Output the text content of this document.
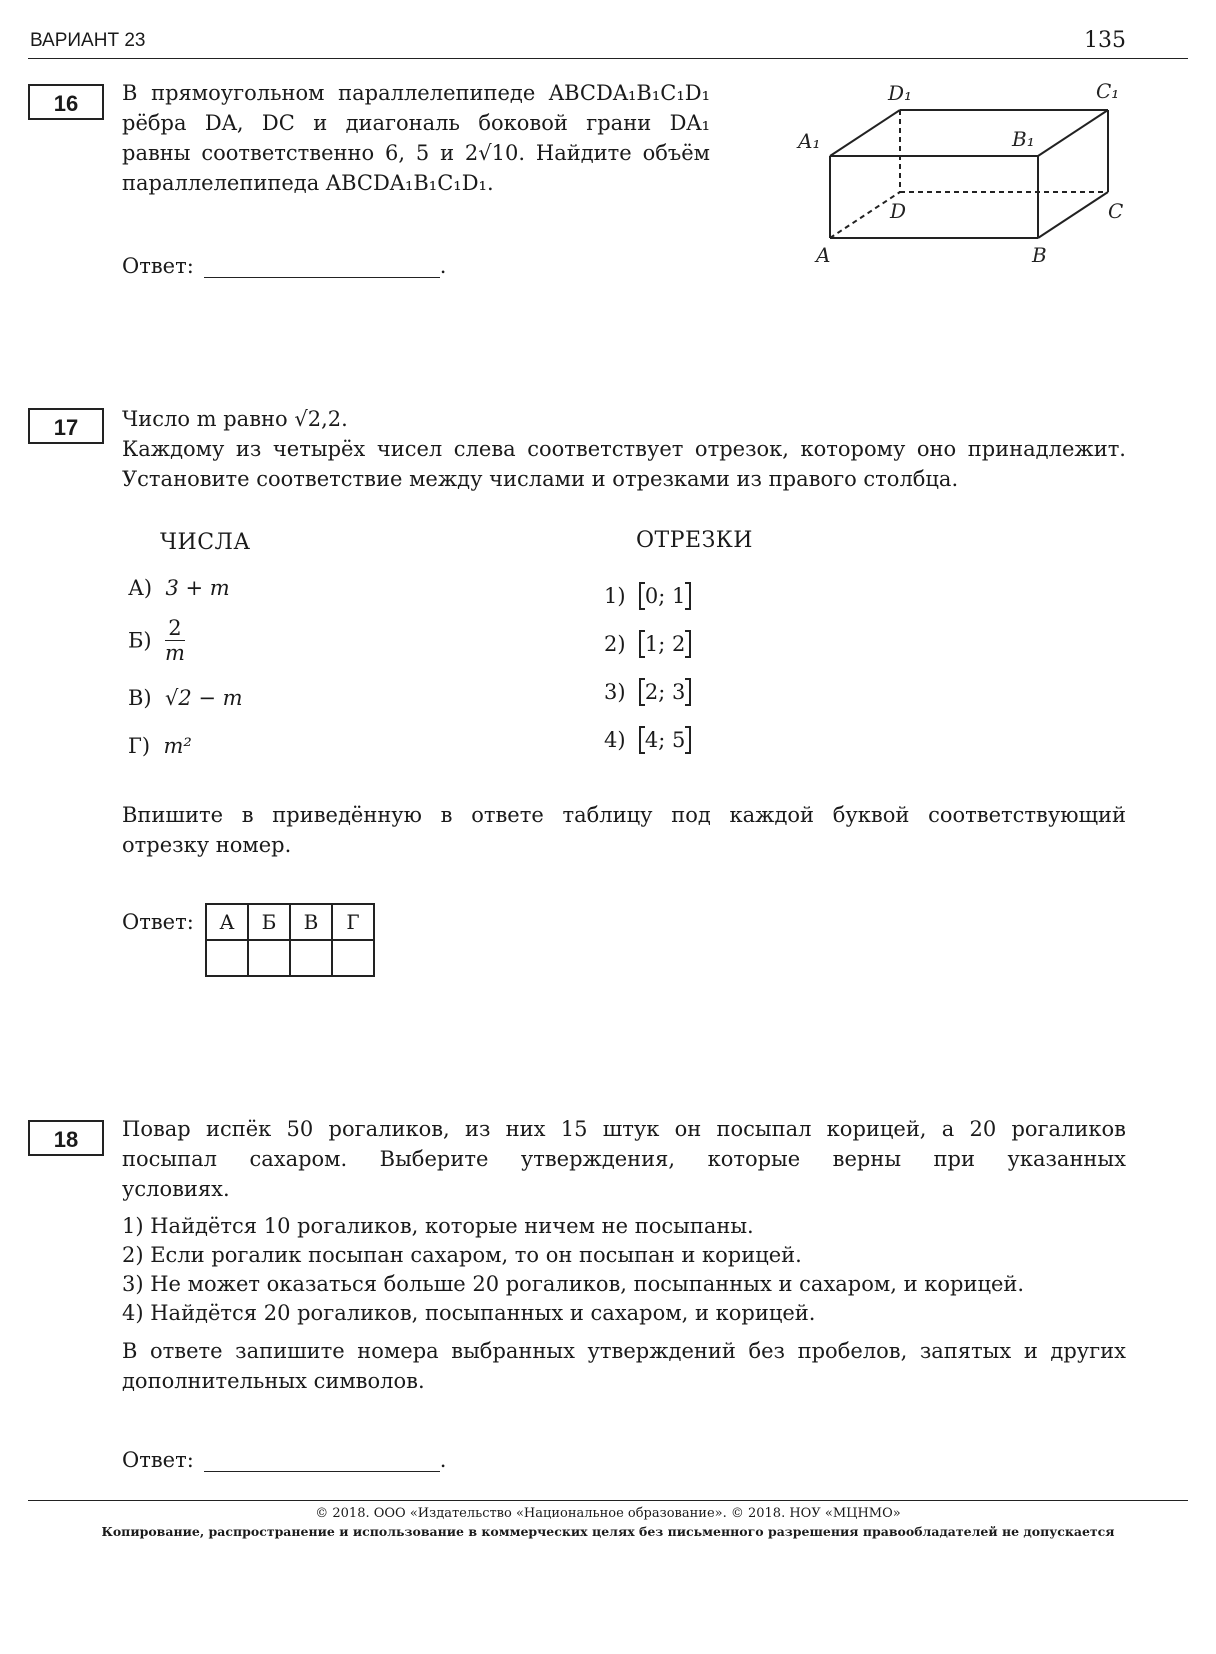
ВАРИАНТ 23	135
16	В прямоугольном параллелепипеде ABCDA₁B₁C₁D₁
рёбра DA, DC и диагональ боковой грани DA₁
равны соответственно 6, 5 и 2√10. Найдите объём
параллелепипеда ABCDA₁B₁C₁D₁.
Ответ:	.
D₁	C₁
A₁	B₁
D	C
A	B
17	Число m равно √2,2.
Каждому из четырёх чисел слева соответствует отрезок, которому оно принадлежит.
Установите соответствие между числами и отрезками из правого столбца.
ЧИСЛА	ОТРЕЗКИ
А) 3 + m
$Б) \frac{2}{m}$
В) √2 − m
Г) m²
1) 0; 1
2) 1; 2
3) 2; 3
4) 4; 5
Впишите в приведённую в ответе таблицу под каждой буквой соответствующий
отрезку номер.
Ответ: А	Б	В	Г

18	Повар испёк 50 рогаликов, из них 15 штук он посыпал корицей, а 20 рогаликов
посыпал сахаром. Выберите утверждения, которые верны при указанных
условиях.
1) Найдётся 10 рогаликов, которые ничем не посыпаны.
2) Если рогалик посыпан сахаром, то он посыпан и корицей.
3) Не может оказаться больше 20 рогаликов, посыпанных и сахаром, и корицей.
4) Найдётся 20 рогаликов, посыпанных и сахаром, и корицей.
В ответе запишите номера выбранных утверждений без пробелов, запятых и других
дополнительных символов.
Ответ:	.
© 2018. ООО «Издательство «Национальное образование». © 2018. НОУ «МЦНМО»
Копирование, распространение и использование в коммерческих целях без письменного разрешения правообладателей не допускается
